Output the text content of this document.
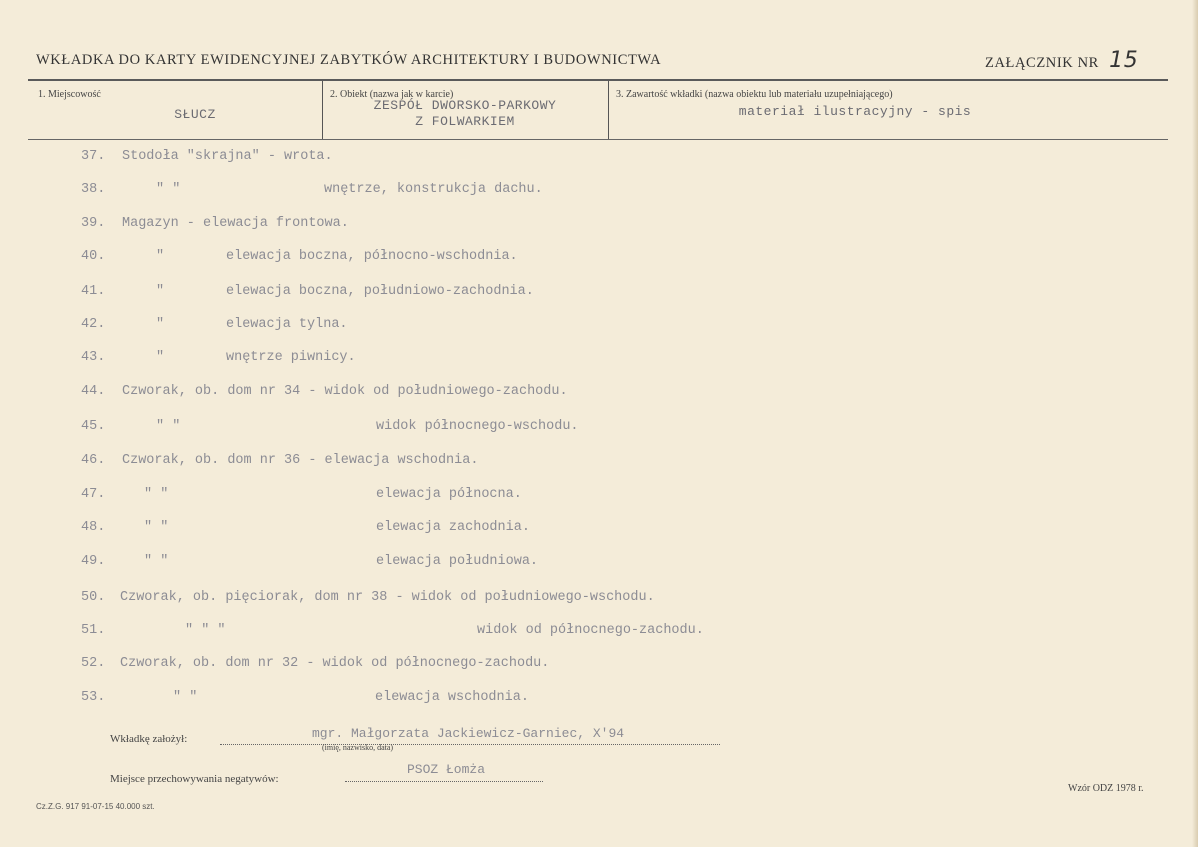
WKŁADKA DO KARTY EWIDENCYJNEJ ZABYTKÓW ARCHITEKTURY I BUDOWNICTWA	ZAŁĄCZNIK NR 15
1. Miejscowość
SŁUCZ
2. Obiekt (nazwa jak w karcie)
ZESPÓŁ DWORSKO-PARKOWY
Z FOLWARKIEM
3. Zawartość wkładki (nazwa obiektu lub materiału uzupełniającego)
materiał ilustracyjny - spis
37. Stodoła "skrajna" - wrota.
38.	" "	wnętrze, konstrukcja dachu.
39. Magazyn - elewacja frontowa.
40.	"	elewacja boczna, północno-wschodnia.
41.	"	elewacja boczna, południowo-zachodnia.
42.	"	elewacja tylna.
43.	"	wnętrze piwnicy.
44. Czworak, ob. dom nr 34 - widok od południowego-zachodu.
45.	" "	widok północnego-wschodu.
46. Czworak, ob. dom nr 36 - elewacja wschodnia.
47.	" "	elewacja północna.
48.	" "	elewacja zachodnia.
49.	" "	elewacja południowa.
50. Czworak, ob. pięciorak, dom nr 38 - widok od południowego-wschodu.
51.	" " "	widok od północnego-zachodu.
52. Czworak, ob. dom nr 32 - widok od północnego-zachodu.
53.	" "	elewacja wschodnia.
Wkładkę założył:	mgr. Małgorzata Jackiewicz-Garniec, X'94
(imię, nazwisko, data)
Miejsce przechowywania negatywów:
PSOZ Łomża
Cz.Z.G. 917 91-07-15 40.000 szt.
Wzór ODZ 1978 r.
